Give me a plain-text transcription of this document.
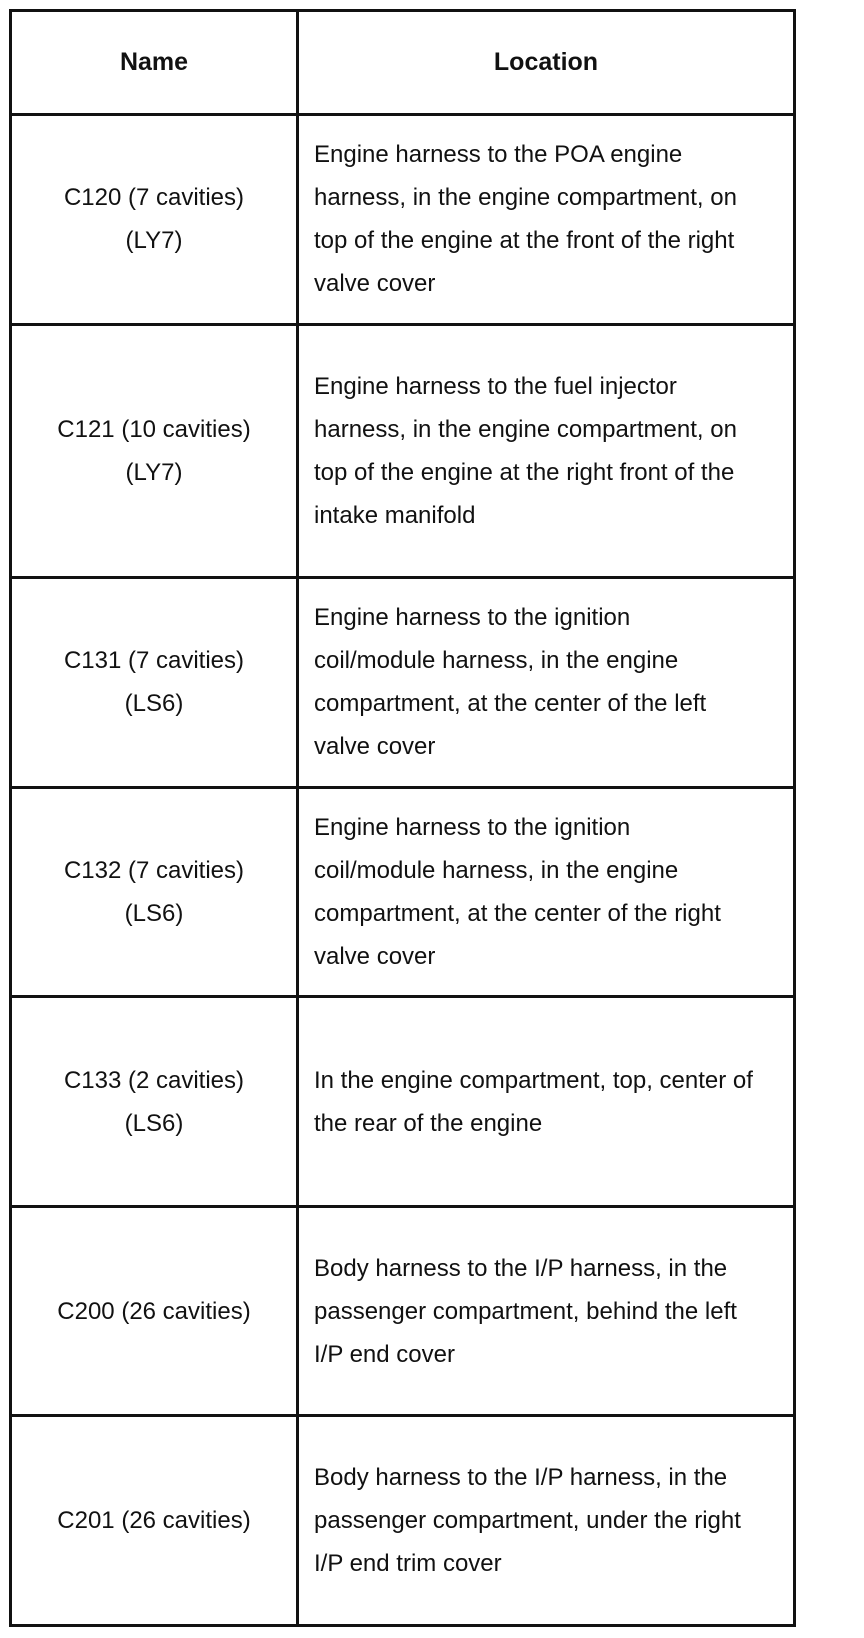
Name	Location

C120 (7 cavities)
(LY7)	Engine harness to the POA engine harness, in the engine compartment, on top of the engine at the front of the right valve cover

C121 (10 cavities)
(LY7)	Engine harness to the fuel injector harness, in the engine compartment, on top of the engine at the right front of the intake manifold

C131 (7 cavities)
(LS6)	Engine harness to the ignition coil/module harness, in the engine compartment, at the center of the left valve cover

C132 (7 cavities)
(LS6)	Engine harness to the ignition coil/module harness, in the engine compartment, at the center of the right valve cover

C133 (2 cavities)
(LS6)	In the engine compartment, top, center of the rear of the engine

C200 (26 cavities)	Body harness to the I/P harness, in the passenger compartment, behind the left I/P end cover

C201 (26 cavities)	Body harness to the I/P harness, in the passenger compartment, under the right I/P end trim cover
